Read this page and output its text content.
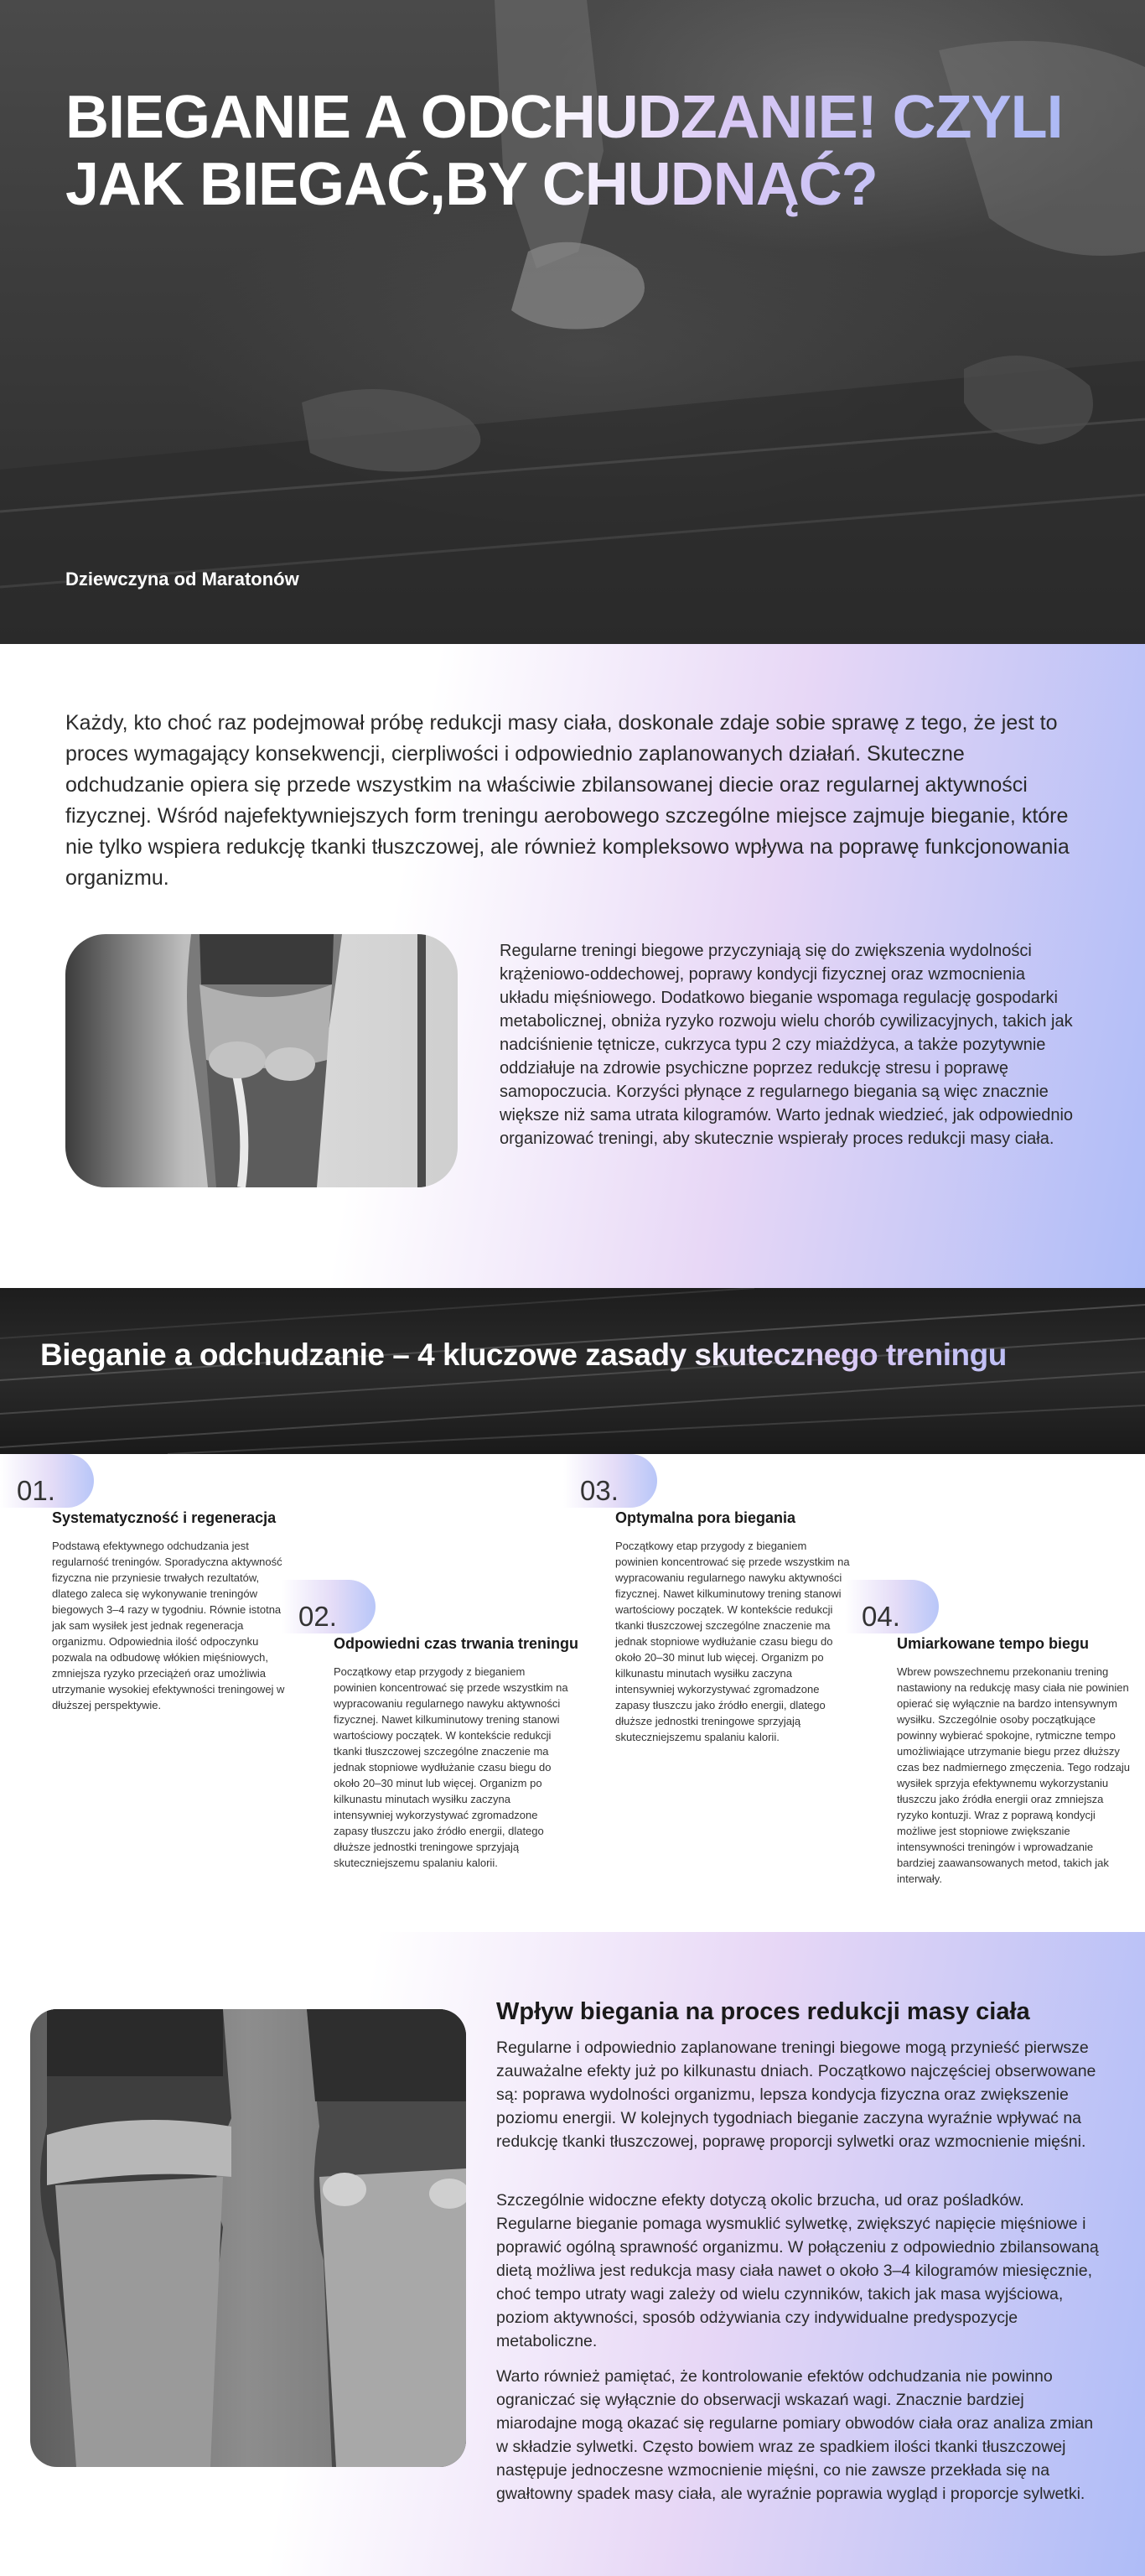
BIEGANIE A ODCHUDZANIE! CZYLI JAK BIEGAĆ,BY CHUDNĄĆ?
Dziewczyna od Maratonów

Każdy, kto choć raz podejmował próbę redukcji masy ciała, doskonale zdaje sobie sprawę z tego, że jest to proces wymagający konsekwencji, cierpliwości i odpowiednio zaplanowanych działań. Skuteczne odchudzanie opiera się przede wszystkim na właściwie zbilansowanej diecie oraz regularnej aktywności fizycznej. Wśród najefektywniejszych form treningu aerobowego szczególne miejsce zajmuje bieganie, które nie tylko wspiera redukcję tkanki tłuszczowej, ale również kompleksowo wpływa na poprawę funkcjonowania organizmu.

Regularne treningi biegowe przyczyniają się do zwiększenia wydolności krążeniowo-oddechowej, poprawy kondycji fizycznej oraz wzmocnienia układu mięśniowego. Dodatkowo bieganie wspomaga regulację gospodarki metabolicznej, obniża ryzyko rozwoju wielu chorób cywilizacyjnych, takich jak nadciśnienie tętnicze, cukrzyca typu 2 czy miażdżyca, a także pozytywnie oddziałuje na zdrowie psychiczne poprzez redukcję stresu i poprawę samopoczucia. Korzyści płynące z regularnego biegania są więc znacznie większe niż sama utrata kilogramów. Warto jednak wiedzieć, jak odpowiednio organizować treningi, aby skutecznie wspierały proces redukcji masy ciała.

Bieganie a odchudzanie – 4 kluczowe zasady skutecznego treningu
01.
Systematyczność i regeneracja

Podstawą efektywnego odchudzania jest regularność treningów. Sporadyczna aktywność fizyczna nie przyniesie trwałych rezultatów, dlatego zaleca się wykonywanie treningów biegowych 3–4 razy w tygodniu. Równie istotna jak sam wysiłek jest jednak regeneracja organizmu. Odpowiednia ilość odpoczynku pozwala na odbudowę włókien mięśniowych, zmniejsza ryzyko przeciążeń oraz umożliwia utrzymanie wysokiej efektywności treningowej w dłuższej perspektywie.

02.
Odpowiedni czas trwania treningu

Początkowy etap przygody z bieganiem powinien koncentrować się przede wszystkim na wypracowaniu regularnego nawyku aktywności fizycznej. Nawet kilkuminutowy trening stanowi wartościowy początek. W kontekście redukcji tkanki tłuszczowej szczególne znaczenie ma jednak stopniowe wydłużanie czasu biegu do około 20–30 minut lub więcej. Organizm po kilkunastu minutach wysiłku zaczyna intensywniej wykorzystywać zgromadzone zapasy tłuszczu jako źródło energii, dlatego dłuższe jednostki treningowe sprzyjają skuteczniejszemu spalaniu kalorii.

03.
Optymalna pora biegania

Początkowy etap przygody z bieganiem powinien koncentrować się przede wszystkim na wypracowaniu regularnego nawyku aktywności fizycznej. Nawet kilkuminutowy trening stanowi wartościowy początek. W kontekście redukcji tkanki tłuszczowej szczególne znaczenie ma jednak stopniowe wydłużanie czasu biegu do około 20–30 minut lub więcej. Organizm po kilkunastu minutach wysiłku zaczyna intensywniej wykorzystywać zgromadzone zapasy tłuszczu jako źródło energii, dlatego dłuższe jednostki treningowe sprzyjają skuteczniejszemu spalaniu kalorii.

04.
Umiarkowane tempo biegu

Wbrew powszechnemu przekonaniu trening nastawiony na redukcję masy ciała nie powinien opierać się wyłącznie na bardzo intensywnym wysiłku. Szczególnie osoby początkujące powinny wybierać spokojne, rytmiczne tempo umożliwiające utrzymanie biegu przez dłuższy czas bez nadmiernego zmęczenia. Tego rodzaju wysiłek sprzyja efektywnemu wykorzystaniu tłuszczu jako źródła energii oraz zmniejsza ryzyko kontuzji. Wraz z poprawą kondycji możliwe jest stopniowe zwiększanie intensywności treningów i wprowadzanie bardziej zaawansowanych metod, takich jak interwały.

Wpływ biegania na proces redukcji masy ciała

Regularne i odpowiednio zaplanowane treningi biegowe mogą przynieść pierwsze zauważalne efekty już po kilkunastu dniach. Początkowo najczęściej obserwowane są: poprawa wydolności organizmu, lepsza kondycja fizyczna oraz zwiększenie poziomu energii. W kolejnych tygodniach bieganie zaczyna wyraźnie wpływać na redukcję tkanki tłuszczowej, poprawę proporcji sylwetki oraz wzmocnienie mięśni.

Szczególnie widoczne efekty dotyczą okolic brzucha, ud oraz pośladków. Regularne bieganie pomaga wysmuklić sylwetkę, zwiększyć napięcie mięśniowe i poprawić ogólną sprawność organizmu. W połączeniu z odpowiednio zbilansowaną dietą możliwa jest redukcja masy ciała nawet o około 3–4 kilogramów miesięcznie, choć tempo utraty wagi zależy od wielu czynników, takich jak masa wyjściowa, poziom aktywności, sposób odżywiania czy indywidualne predyspozycje metaboliczne.

Warto również pamiętać, że kontrolowanie efektów odchudzania nie powinno ograniczać się wyłącznie do obserwacji wskazań wagi. Znacznie bardziej miarodajne mogą okazać się regularne pomiary obwodów ciała oraz analiza zmian w składzie sylwetki. Często bowiem wraz ze spadkiem ilości tkanki tłuszczowej następuje jednoczesne wzmocnienie mięśni, co nie zawsze przekłada się na gwałtowny spadek masy ciała, ale wyraźnie poprawia wygląd i proporcje sylwetki.
